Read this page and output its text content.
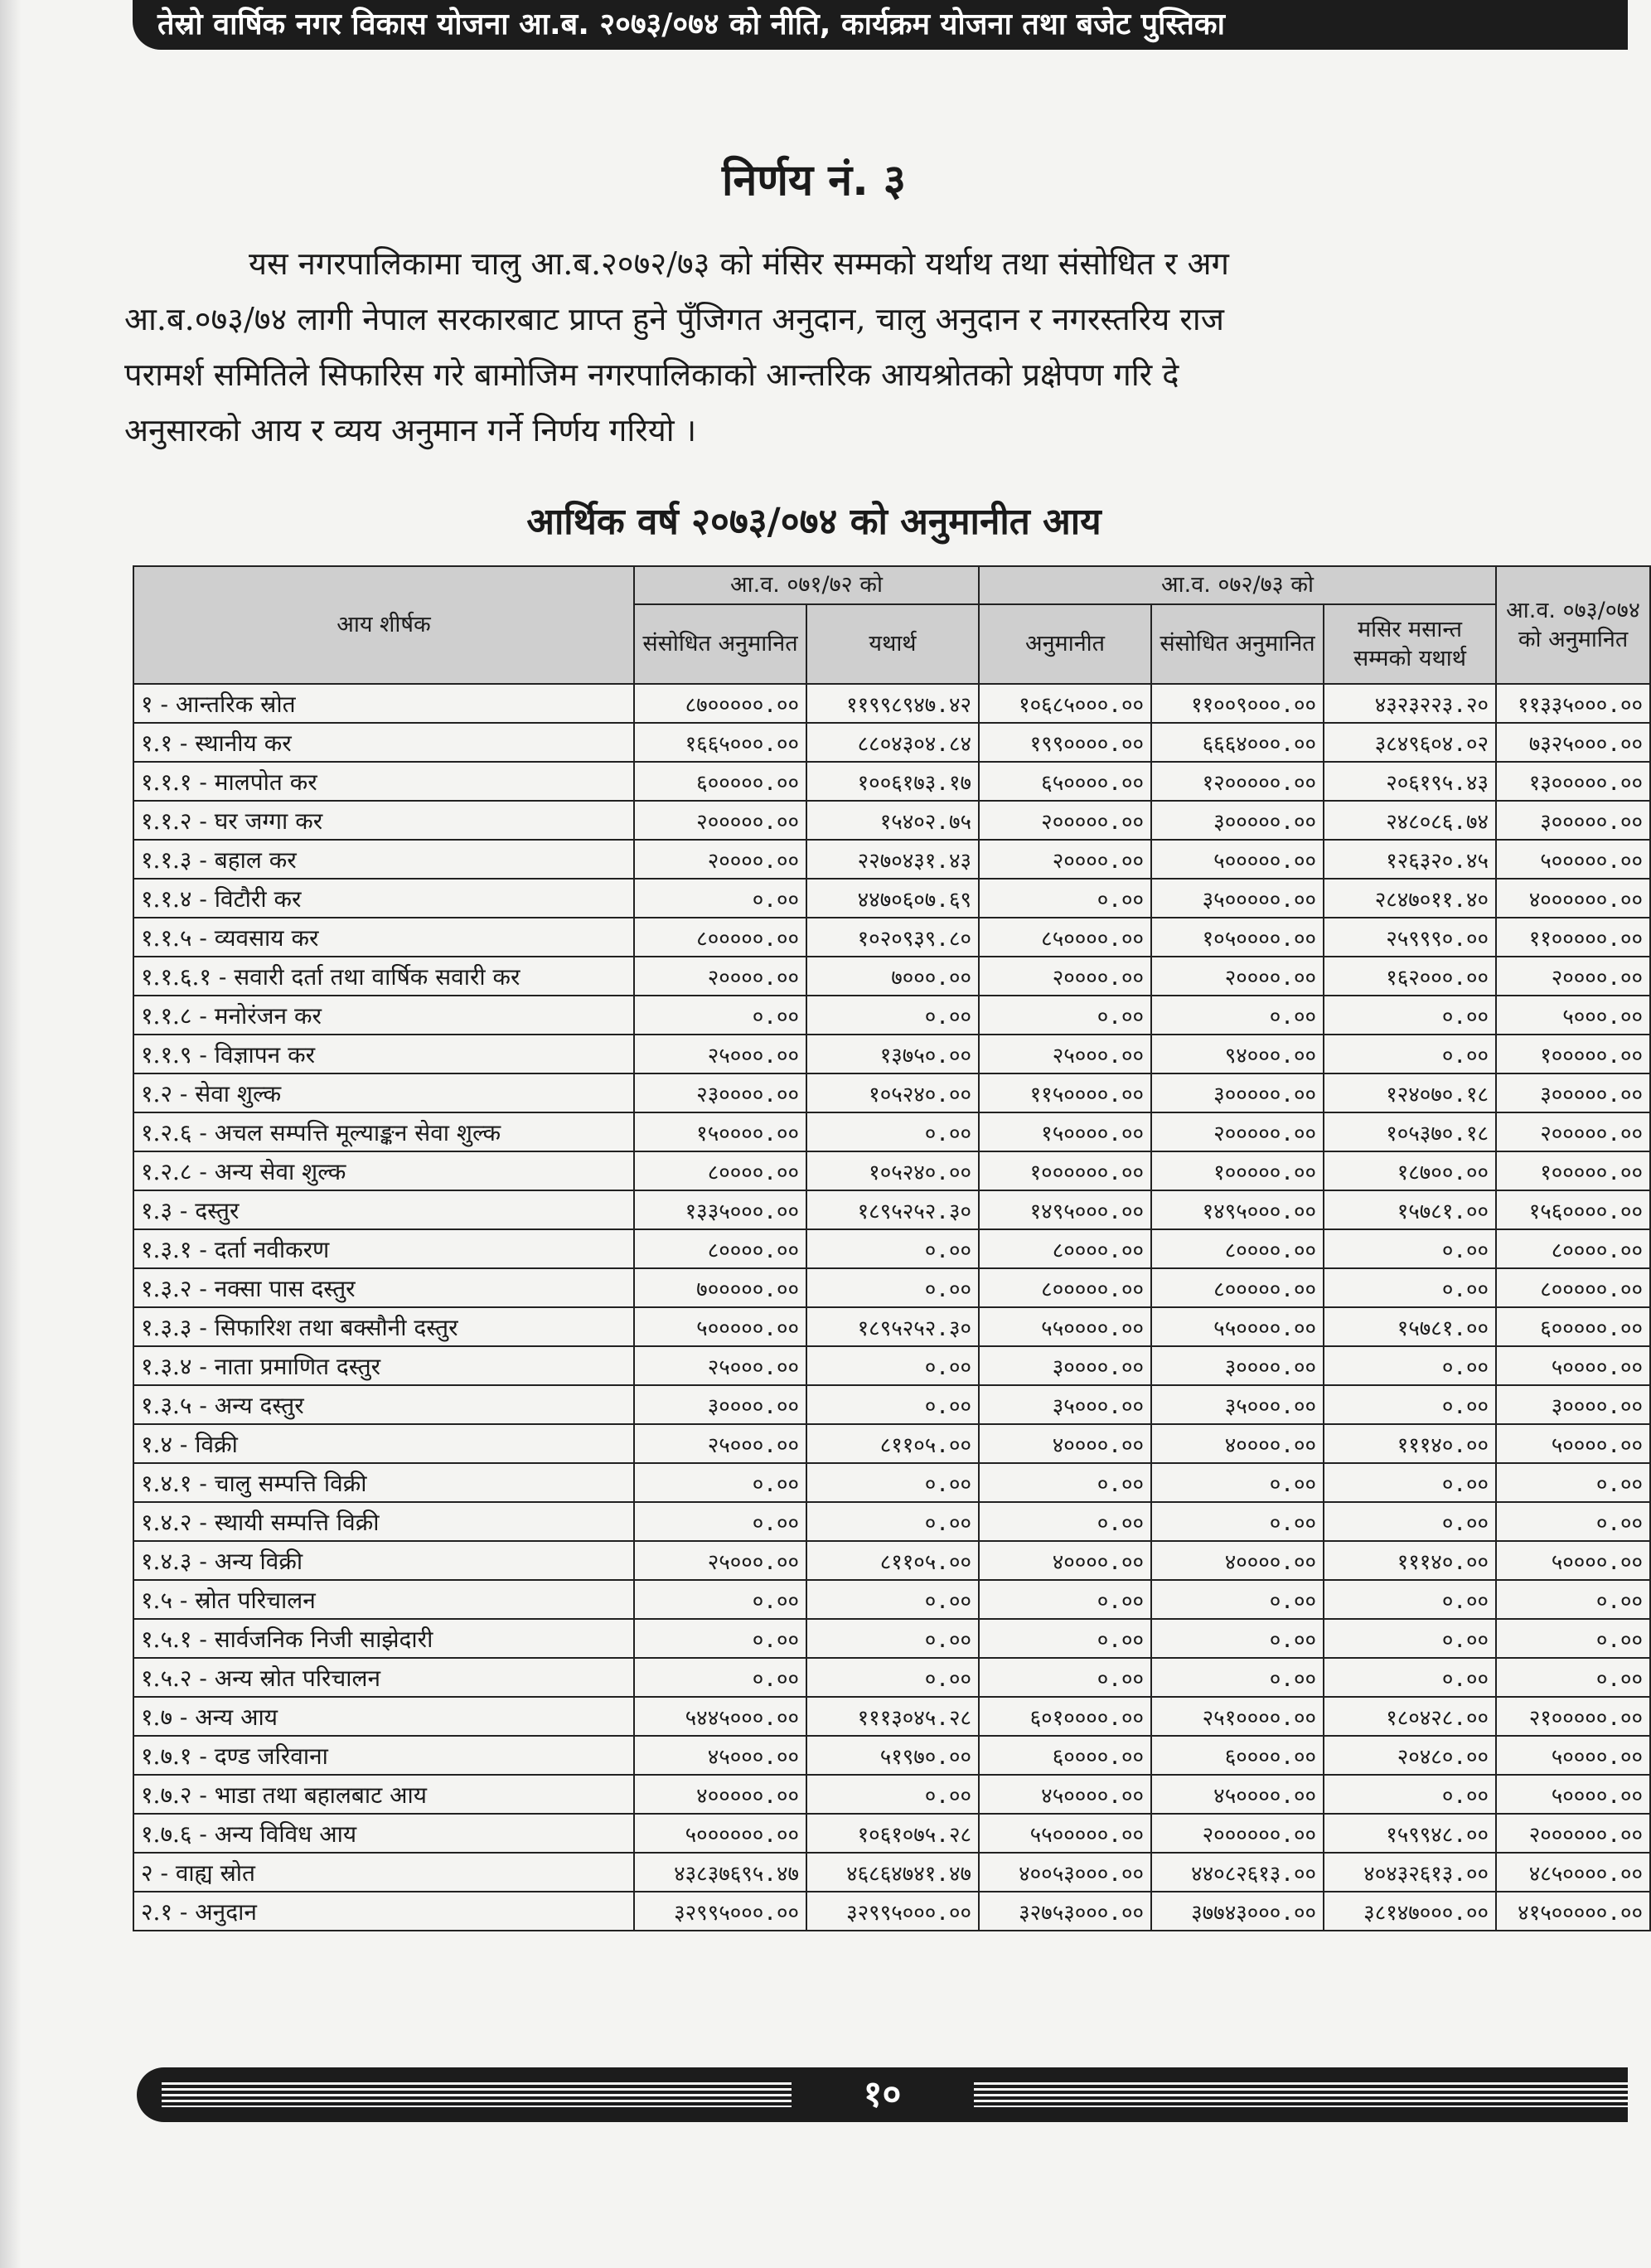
तेस्रो वार्षिक नगर विकास योजना आ.ब. २०७३/०७४ को नीति, कार्यक्रम योजना तथा बजेट पुस्तिका
निर्णय नं. ३
यस नगरपालिकामा चालु आ.ब.२०७२/७३ को मंसिर सम्मको यर्थाथ तथा संसोधित र अग
आ.ब.०७३/७४ लागी नेपाल सरकारबाट प्राप्त हुने पुँजिगत अनुदान, चालु अनुदान र नगरस्तरिय राज
परामर्श समितिले सिफारिस गरे बामोजिम नगरपालिकाको आन्तरिक आयश्रोतको प्रक्षेपण गरि दे
अनुसारको आय र व्यय अनुमान गर्ने निर्णय गरियो ।
आर्थिक वर्ष २०७३/०७४ को अनुमानीत आय
आय शीर्षक	आ.व. ०७१/७२ को		आ.व. ०७२/७३ को			आ.व. ०७३/०७४ को अनुमानित
	संसोधित अनुमानित	यथार्थ	अनुमानीत	संसोधित अनुमानित	मसिर मसान्त सम्मको यथार्थ	
१ - आन्तरिक स्रोत	८७०००००.००	११९९८९४७.४२	१०६८५०००.००	११००९०००.००	४३२३२२३.२०	११३३५०००.००
१.१ - स्थानीय कर	१६६५०००.००	८८०४३०४.८४	१९९००००.००	६६६४०००.००	३८४९६०४.०२	७३२५०००.००
१.१.१ - मालपोत कर	६०००००.००	१००६१७३.१७	६५००००.००	१२०००००.००	२०६१९५.४३	१३०००००.००
१.१.२ - घर जग्गा कर	२०००००.००	१५४०२.७५	२०००००.००	३०००००.००	२४८०८६.७४	३०००००.००
१.१.३ - बहाल कर	२००००.००	२२७०४३१.४३	२००००.००	५०००००.००	१२६३२०.४५	५०००००.००
१.१.४ - विटौरी कर	०.००	४४७०६०७.६९	०.००	३५०००००.००	२८४७०११.४०	४००००००.००
१.१.५ - व्यवसाय कर	८०००००.००	१०२०९३९.८०	८५००००.००	१०५००००.००	२५९९९०.००	११०००००.००
१.१.६.१ - सवारी दर्ता तथा वार्षिक सवारी कर	२००००.००	७०००.००	२००००.००	२००००.००	१६२०००.००	२००००.००
१.१.८ - मनोरंजन कर	०.००	०.००	०.००	०.००	०.००	५०००.००
१.१.९ - विज्ञापन कर	२५०००.००	१३७५०.००	२५०००.००	९४०००.००	०.००	१०००००.००
१.२ - सेवा शुल्क	२३००००.००	१०५२४०.००	११५००००.००	३०००००.००	१२४०७०.१८	३०००००.००
१.२.६ - अचल सम्पत्ति मूल्याङ्कन सेवा शुल्क	१५००००.००	०.००	१५००००.००	२०००००.००	१०५३७०.१८	२०००००.००
१.२.८ - अन्य सेवा शुल्क	८००००.००	१०५२४०.००	१००००००.००	१०००००.००	१८७००.००	१०००००.००
१.३ - दस्तुर	१३३५०००.००	१८९५२५२.३०	१४९५०००.००	१४९५०००.००	१५७८१.००	१५६००००.००
१.३.१ - दर्ता नवीकरण	८००००.००	०.००	८००००.००	८००००.००	०.००	८००००.००
१.३.२ - नक्सा पास दस्तुर	७०००००.००	०.००	८०००००.००	८०००००.००	०.००	८०००००.००
१.३.३ - सिफारिश तथा बक्सौनी दस्तुर	५०००००.००	१८९५२५२.३०	५५००००.००	५५००००.००	१५७८१.००	६०००००.००
१.३.४ - नाता प्रमाणित दस्तुर	२५०००.००	०.००	३००००.००	३००००.००	०.००	५००००.००
१.३.५ - अन्य दस्तुर	३००००.००	०.००	३५०००.००	३५०००.००	०.००	३००००.००
१.४ - विक्री	२५०००.००	८११०५.००	४००००.००	४००००.००	१११४०.००	५००००.००
१.४.१ - चालु सम्पत्ति विक्री	०.००	०.००	०.००	०.००	०.००	०.००
१.४.२ - स्थायी सम्पत्ति विक्री	०.००	०.००	०.००	०.००	०.००	०.००
१.४.३ - अन्य विक्री	२५०००.००	८११०५.००	४००००.००	४००००.००	१११४०.००	५००००.००
१.५ - स्रोत परिचालन	०.००	०.००	०.००	०.००	०.००	०.००
१.५.१ - सार्वजनिक निजी साझेदारी	०.००	०.००	०.००	०.००	०.००	०.००
१.५.२ - अन्य स्रोत परिचालन	०.००	०.००	०.००	०.००	०.००	०.००
१.७ - अन्य आय	५४४५०००.००	१११३०४५.२८	६०१००००.००	२५१००००.००	१८०४२८.००	२१०००००.००
१.७.१ - दण्ड जरिवाना	४५०००.००	५१९७०.००	६००००.००	६००००.००	२०४८०.००	५००००.००
१.७.२ - भाडा तथा बहालबाट आय	४०००००.००	०.००	४५००००.००	४५००००.००	०.००	५००००.००
१.७.६ - अन्य विविध आय	५००००००.००	१०६१०७५.२८	५५०००००.००	२००००००.००	१५९९४८.००	२००००००.००
२ - वाह्य स्रोत	४३८३७६९५.४७	४६८६४७४१.४७	४००५३०००.००	४४०८२६१३.००	४०४३२६१३.००	४८५००००.००
२.१ - अनुदान	३२९९५०००.००	३२९९५०००.००	३२७५३०००.००	३७७४३०००.००	३८१४७०००.००	४१५०००००.००
१०
